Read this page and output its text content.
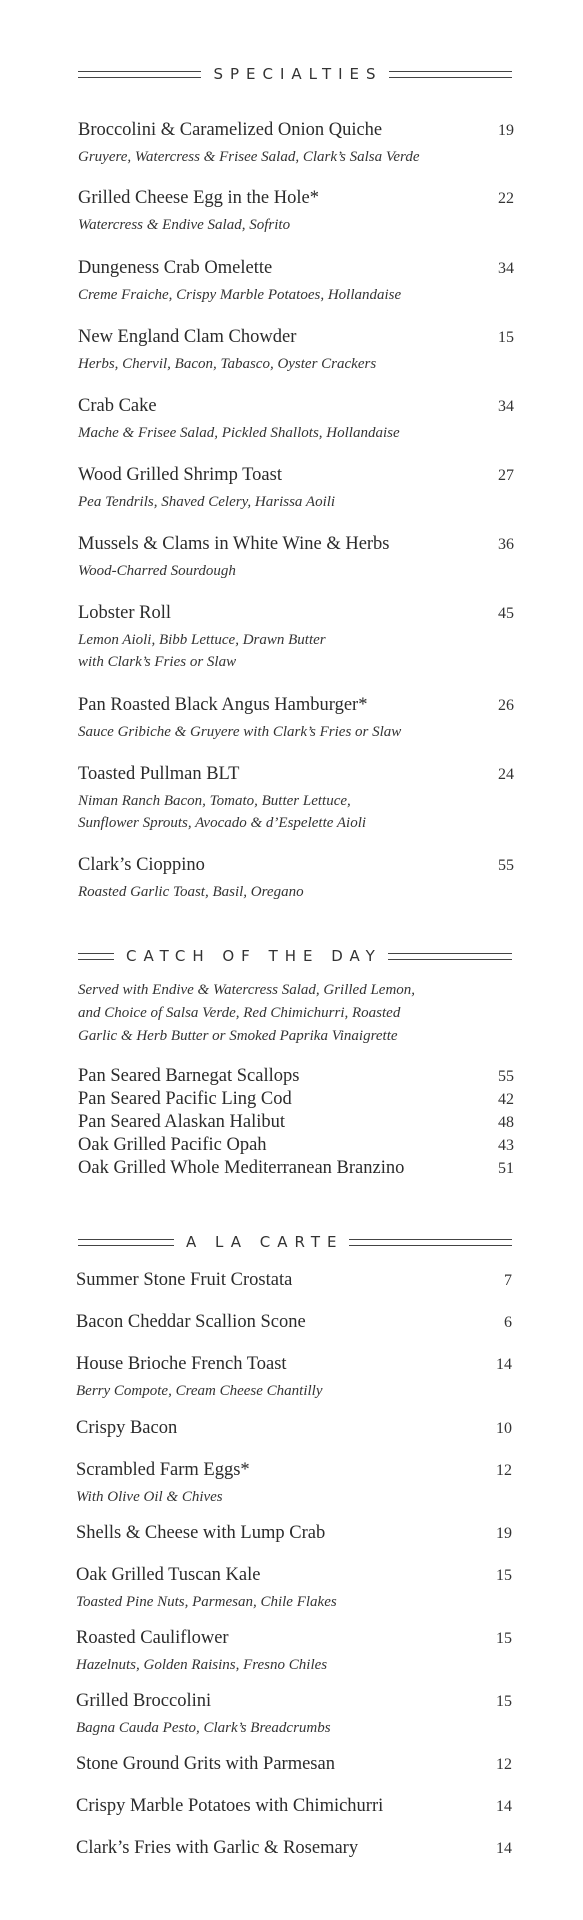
SPECIALTIES
Broccolini & Caramelized Onion Quiche	19
Gruyere, Watercress & Frisee Salad, Clark’s Salsa Verde
Grilled Cheese Egg in the Hole*	22
Watercress & Endive Salad, Sofrito
Dungeness Crab Omelette	34
Creme Fraiche, Crispy Marble Potatoes, Hollandaise
New England Clam Chowder	15
Herbs, Chervil, Bacon, Tabasco, Oyster Crackers
Crab Cake	34
Mache & Frisee Salad, Pickled Shallots, Hollandaise
Wood Grilled Shrimp Toast	27
Pea Tendrils, Shaved Celery, Harissa Aoili
Mussels & Clams in White Wine & Herbs	36
Wood-Charred Sourdough
Lobster Roll	45
Lemon Aioli, Bibb Lettuce, Drawn Butter
with Clark’s Fries or Slaw
Pan Roasted Black Angus Hamburger*	26
Sauce Gribiche & Gruyere with Clark’s Fries or Slaw
Toasted Pullman BLT	24
Niman Ranch Bacon, Tomato, Butter Lettuce,
Sunflower Sprouts, Avocado & d’Espelette Aioli
Clark’s Cioppino	55
Roasted Garlic Toast, Basil, Oregano
CATCH OF THE DAY
Served with Endive & Watercress Salad, Grilled Lemon,
and Choice of Salsa Verde, Red Chimichurri, Roasted
Garlic & Herb Butter or Smoked Paprika Vinaigrette
Pan Seared Barnegat Scallops	55
Pan Seared Pacific Ling Cod	42
Pan Seared Alaskan Halibut	48
Oak Grilled Pacific Opah	43
Oak Grilled Whole Mediterranean Branzino	51
A LA CARTE
Summer Stone Fruit Crostata	7
Bacon Cheddar Scallion Scone	6
House Brioche French Toast	14
Berry Compote, Cream Cheese Chantilly
Crispy Bacon	10
Scrambled Farm Eggs*	12
With Olive Oil & Chives
Shells & Cheese with Lump Crab	19
Oak Grilled Tuscan Kale	15
Toasted Pine Nuts, Parmesan, Chile Flakes
Roasted Cauliflower	15
Hazelnuts, Golden Raisins, Fresno Chiles
Grilled Broccolini	15
Bagna Cauda Pesto, Clark’s Breadcrumbs
Stone Ground Grits with Parmesan	12
Crispy Marble Potatoes with Chimichurri	14
Clark’s Fries with Garlic & Rosemary	14
